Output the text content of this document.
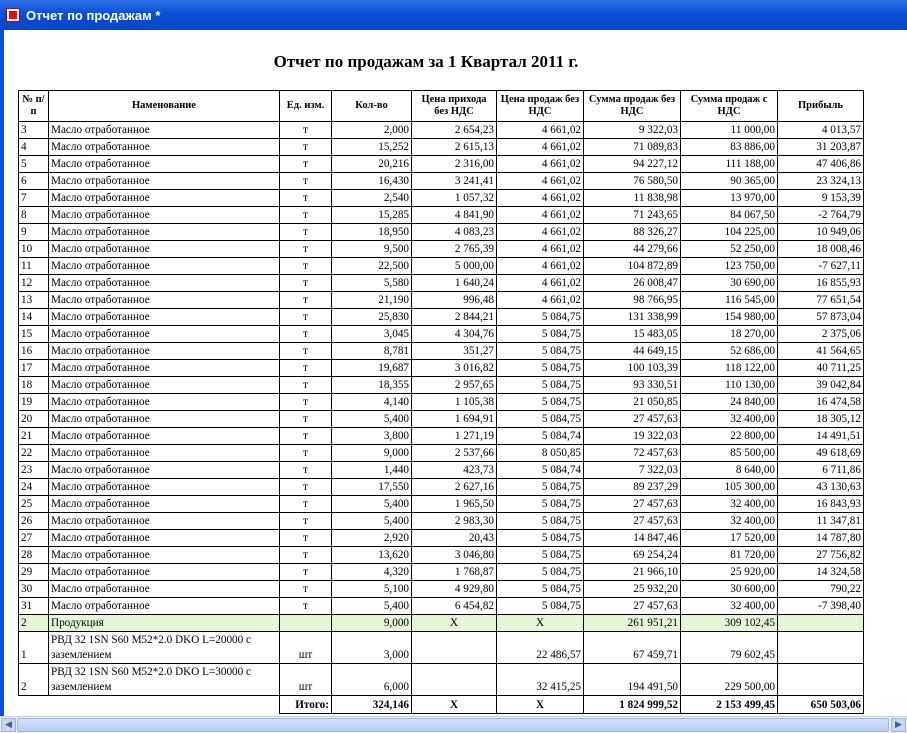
Отчет по продажам *
Отчет по продажам за 1 Квартал 2011 г.
№ п/п	Наменование	Ед. изм.	Кол-во	Цена прихода без НДС	Цена продаж без НДС	Сумма продаж без НДС	Сумма продаж с НДС	Прибыль
3	Масло отработанное	т	2,000	2 654,23	4 661,02	9 322,03	11 000,00	4 013,57
4	Масло отработанное	т	15,252	2 615,13	4 661,02	71 089,83	83 886,00	31 203,87
5	Масло отработанное	т	20,216	2 316,00	4 661,02	94 227,12	111 188,00	47 406,86
6	Масло отработанное	т	16,430	3 241,41	4 661,02	76 580,50	90 365,00	23 324,13
7	Масло отработанное	т	2,540	1 057,32	4 661,02	11 838,98	13 970,00	9 153,39
8	Масло отработанное	т	15,285	4 841,90	4 661,02	71 243,65	84 067,50	-2 764,79
9	Масло отработанное	т	18,950	4 083,23	4 661,02	88 326,27	104 225,00	10 949,06
10	Масло отработанное	т	9,500	2 765,39	4 661,02	44 279,66	52 250,00	18 008,46
11	Масло отработанное	т	22,500	5 000,00	4 661,02	104 872,89	123 750,00	-7 627,11
12	Масло отработанное	т	5,580	1 640,24	4 661,02	26 008,47	30 690,00	16 855,93
13	Масло отработанное	т	21,190	996,48	4 661,02	98 766,95	116 545,00	77 651,54
14	Масло отработанное	т	25,830	2 844,21	5 084,75	131 338,99	154 980,00	57 873,04
15	Масло отработанное	т	3,045	4 304,76	5 084,75	15 483,05	18 270,00	2 375,06
16	Масло отработанное	т	8,781	351,27	5 084,75	44 649,15	52 686,00	41 564,65
17	Масло отработанное	т	19,687	3 016,82	5 084,75	100 103,39	118 122,00	40 711,25
18	Масло отработанное	т	18,355	2 957,65	5 084,75	93 330,51	110 130,00	39 042,84
19	Масло отработанное	т	4,140	1 105,38	5 084,75	21 050,85	24 840,00	16 474,58
20	Масло отработанное	т	5,400	1 694,91	5 084,75	27 457,63	32 400,00	18 305,12
21	Масло отработанное	т	3,800	1 271,19	5 084,74	19 322,03	22 800,00	14 491,51
22	Масло отработанное	т	9,000	2 537,66	8 050,85	72 457,63	85 500,00	49 618,69
23	Масло отработанное	т	1,440	423,73	5 084,74	7 322,03	8 640,00	6 711,86
24	Масло отработанное	т	17,550	2 627,16	5 084,75	89 237,29	105 300,00	43 130,63
25	Масло отработанное	т	5,400	1 965,50	5 084,75	27 457,63	32 400,00	16 843,93
26	Масло отработанное	т	5,400	2 983,30	5 084,75	27 457,63	32 400,00	11 347,81
27	Масло отработанное	т	2,920	20,43	5 084,75	14 847,46	17 520,00	14 787,80
28	Масло отработанное	т	13,620	3 046,80	5 084,75	69 254,24	81 720,00	27 756,82
29	Масло отработанное	т	4,320	1 768,87	5 084,75	21 966,10	25 920,00	14 324,58
30	Масло отработанное	т	5,100	4 929,80	5 084,75	25 932,20	30 600,00	790,22
31	Масло отработанное	т	5,400	6 454,82	5 084,75	27 457,63	32 400,00	-7 398,40
2	Продукция		9,000	X	X	261 951,21	309 102,45	
1	РВД 32 1SN S60 M52*2.0 DKO L=20000 с заземлением	шт	3,000		22 486,57	67 459,71	79 602,45	
2	РВД 32 1SN S60 M52*2.0 DKO L=30000 с заземлением	шт	6,000		32 415,25	194 491,50	229 500,00	
		Итого:	324,146	X	X	1 824 999,52	2 153 499,45	650 503,06
◀	▶
